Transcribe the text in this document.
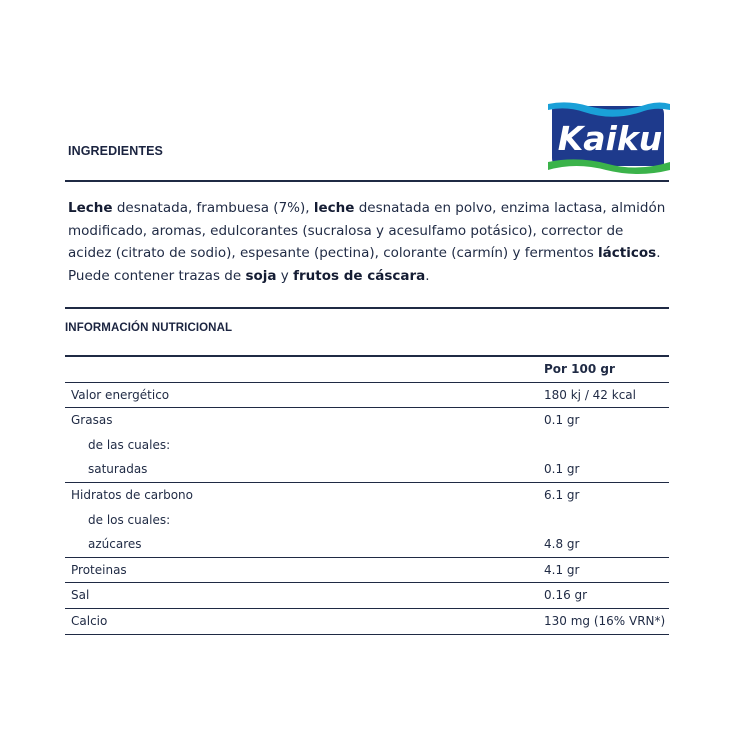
Kaiku
INGREDIENTES
Leche desnatada, frambuesa (7%), leche desnatada en polvo, enzima lactasa, almidón modificado, aromas, edulcorantes (sucralosa y acesulfamo potásico), corrector de acidez (citrato de sodio), espesante (pectina), colorante (carmín) y fermentos lácticos. Puede contener trazas de soja y frutos de cáscara.
INFORMACIÓN NUTRICIONAL
Por 100 gr
Valor energético	180 kj / 42 kcal
Grasas	0.1 gr
de las cuales:
saturadas	0.1 gr
Hidratos de carbono	6.1 gr
de los cuales:
azúcares	4.8 gr
Proteinas	4.1 gr
Sal	0.16 gr
Calcio	130 mg (16% VRN*)
